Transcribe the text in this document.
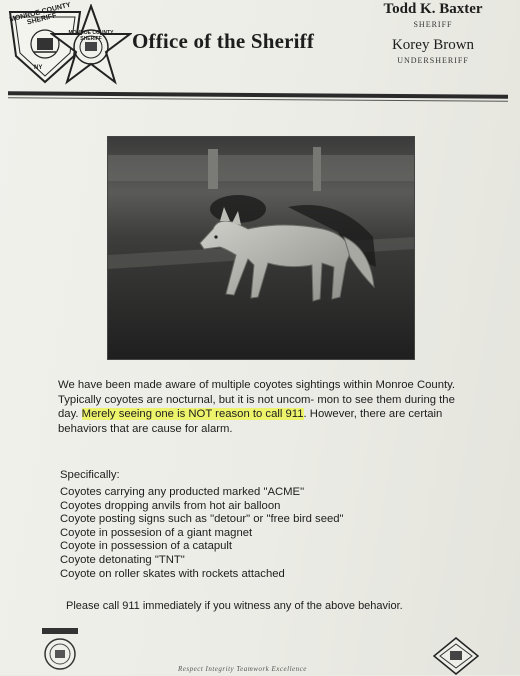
MONROE COUNTY SHERIFF
NY
MONROE COUNTY SHERIFF	Office of the Sheriff
Todd K. Baxter
SHERIFF
Korey Brown
UNDERSHERIFF
We have been made aware of multiple coyotes sightings within Monroe County. Typically coyotes are nocturnal, but it is not uncom- mon to see them during the day. Merely seeing one is NOT reason to call 911. However, there are certain behaviors that are cause for alarm.
Specifically:
Coyotes carrying any producted marked "ACME"
Coyotes dropping anvils from hot air balloon
Coyote posting signs such as "detour" or "free bird seed"
Coyote in possesion of a giant magnet
Coyote in possession of a catapult
Coyote detonating "TNT"
Coyote on roller skates with rockets attached
Please call 911 immediately if you witness any of the above behavior.
Respect Integrity Teamwork Excellence
